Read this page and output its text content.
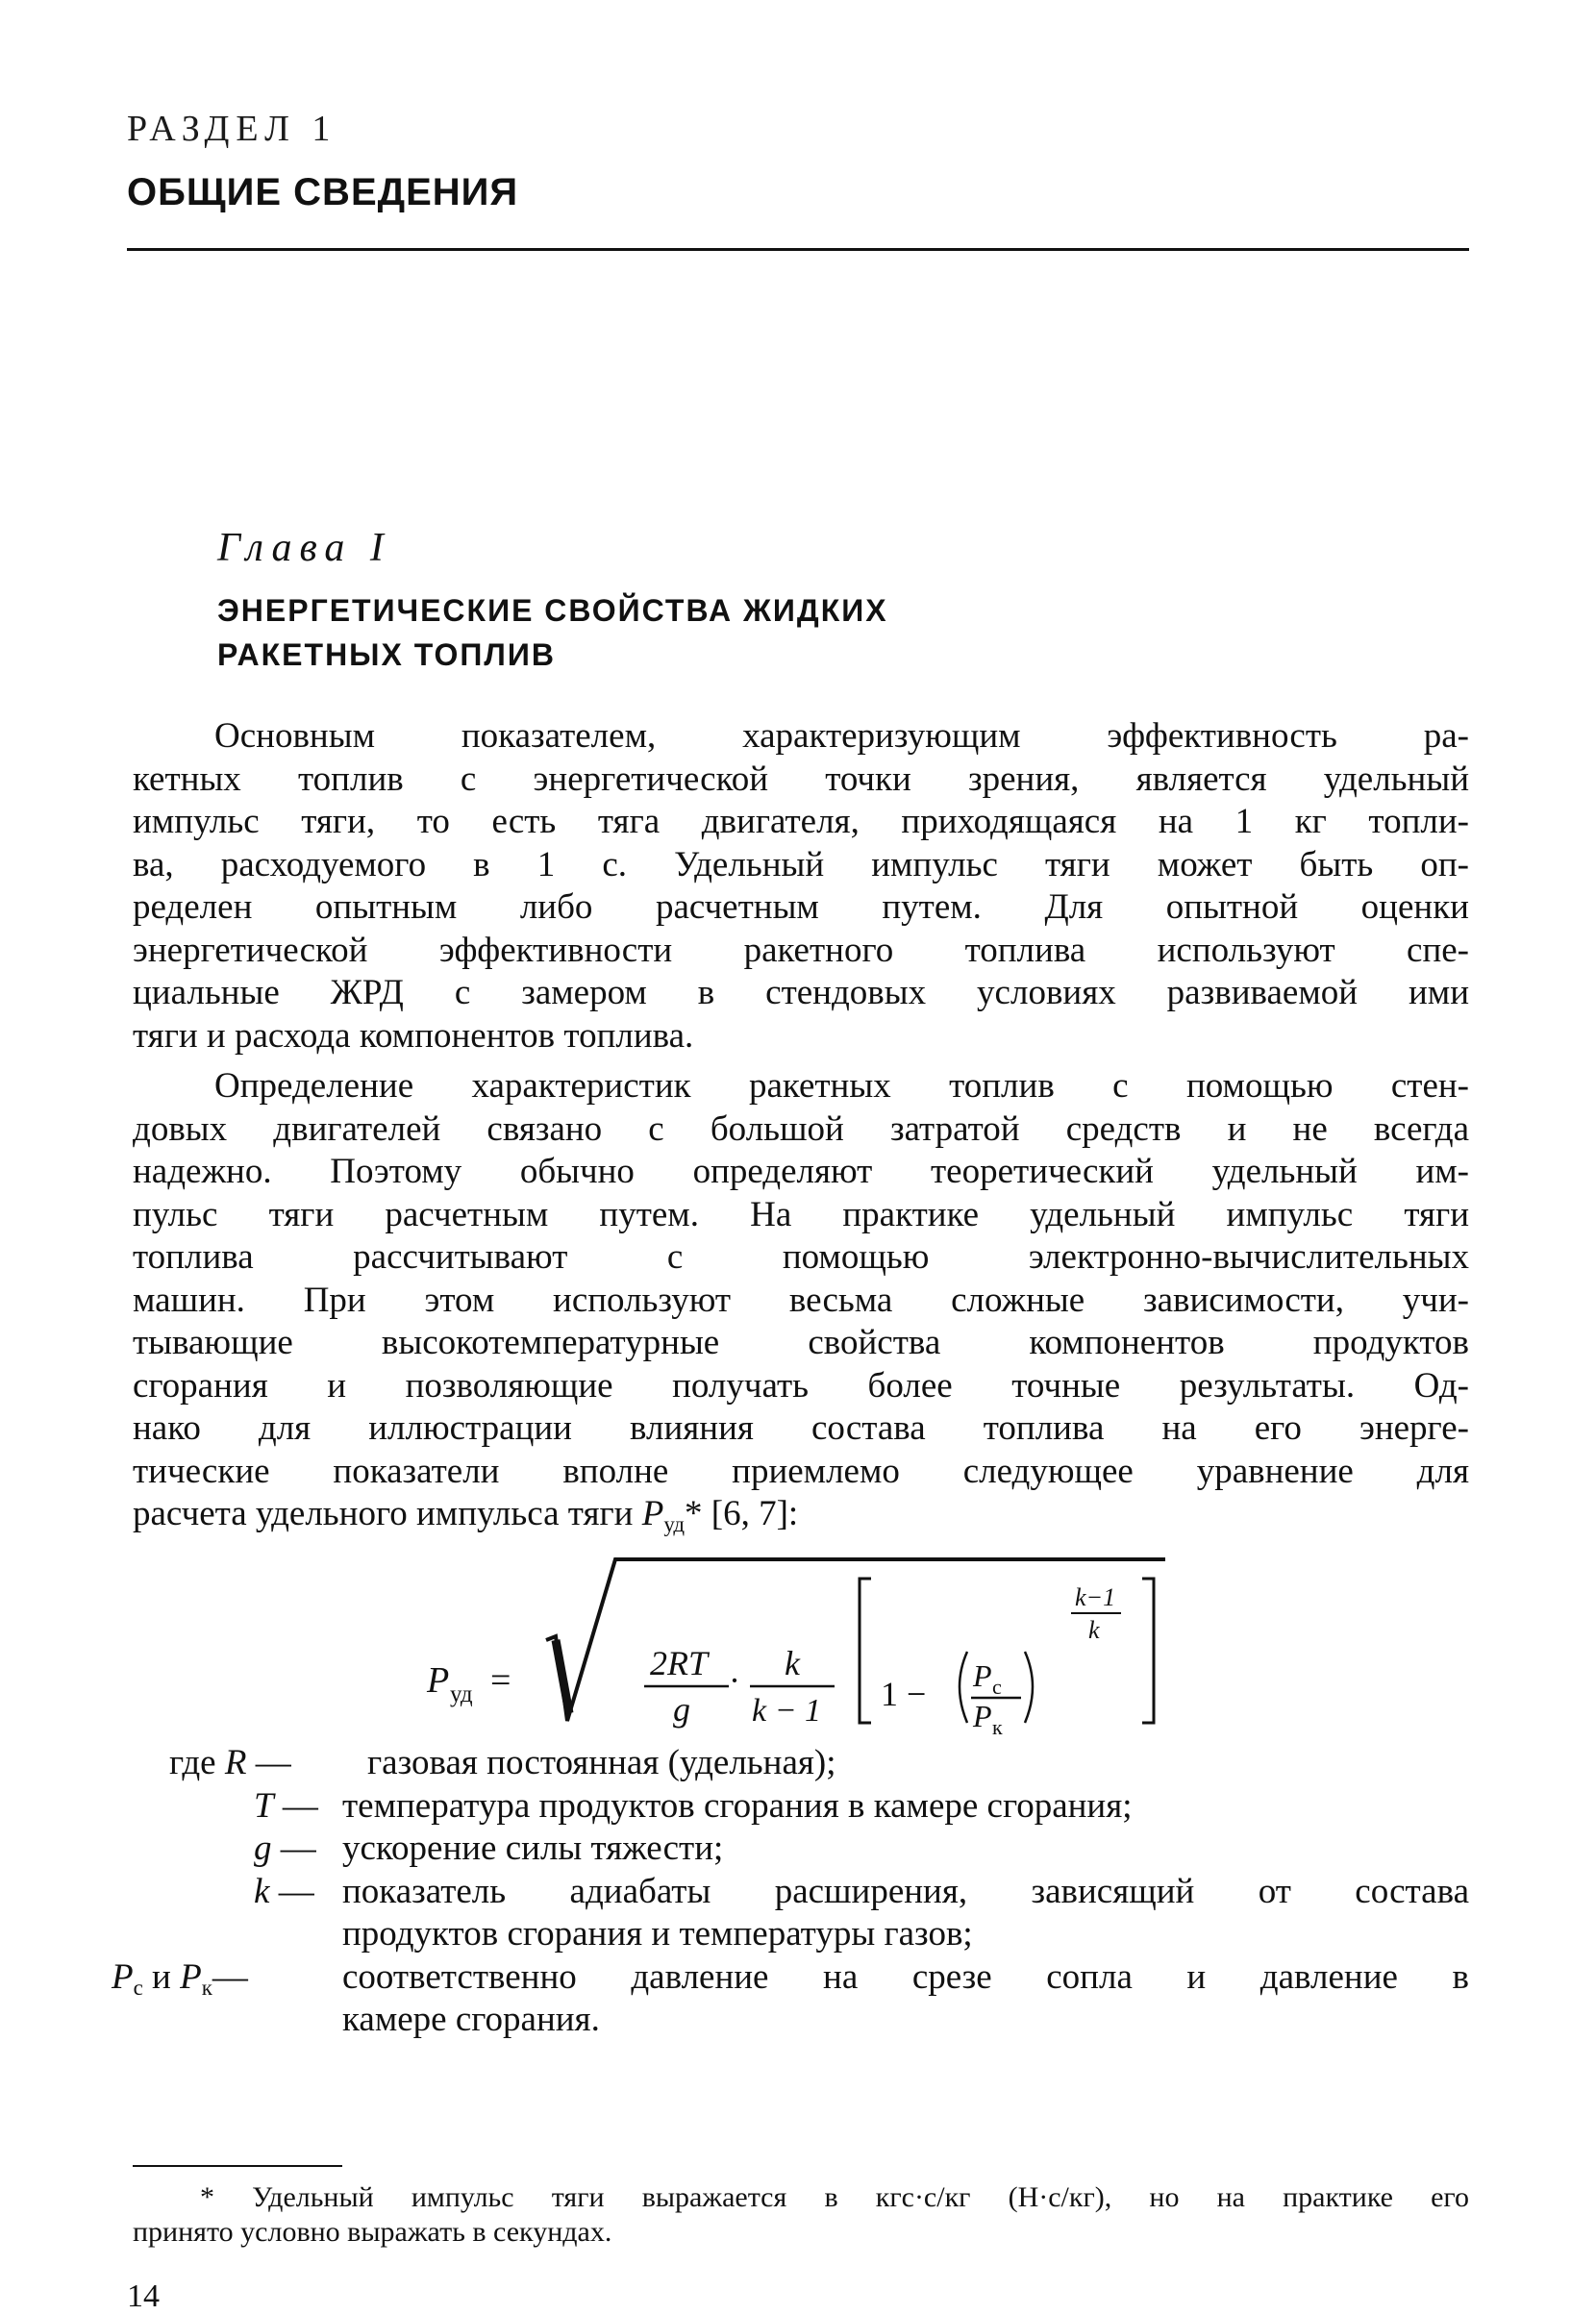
РАЗДЕЛ 1
ОБЩИЕ СВЕДЕНИЯ
Глава I
ЭНЕРГЕТИЧЕСКИЕ СВОЙСТВА ЖИДКИХ
РАКЕТНЫХ ТОПЛИВ
Основным показателем, характеризующим эффективность ра-
кетных топлив с энергетической точки зрения, является удельный
импульс тяги, то есть тяга двигателя, приходящаяся на 1 кг топли-
ва, расходуемого в 1 с. Удельный импульс тяги может быть оп-
ределен опытным либо расчетным путем. Для опытной оценки
энергетической эффективности ракетного топлива используют спе-
циальные ЖРД с замером в стендовых условиях развиваемой ими
тяги и расхода компонентов топлива.
Определение характеристик ракетных топлив с помощью стен-
довых двигателей связано с большой затратой средств и не всегда
надежно. Поэтому обычно определяют теоретический удельный им-
пульс тяги расчетным путем. На практике удельный импульс тяги
топлива рассчитывают с помощью электронно-вычислительных
машин. При этом используют весьма сложные зависимости, учи-
тывающие высокотемпературные свойства компонентов продуктов
сгорания и позволяющие получать более точные результаты. Од-
нако для иллюстрации влияния состава топлива на его энерге-
тические показатели вполне приемлемо следующее уравнение для
расчета удельного импульса тяги $P_{уд}*$ [6, 7]:
P уд =	2RT
g
· k
k − 1 1 − P с
P к
k−1
k
где R — газовая постоянная (удельная);
T — температура продуктов сгорания в камере сгорания;
g — ускорение силы тяжести;
k — показатель адиабаты расширения, зависящий от состава
продуктов сгорания и температуры газов;
$P_с$ и $P_к—$	соответственно давление на срезе сопла и давление в
камере сгорания.
* Удельный импульс тяги выражается в кгс·с/кг (Н·с/кг), но на практике его
принято условно выражать в секундах.
14
